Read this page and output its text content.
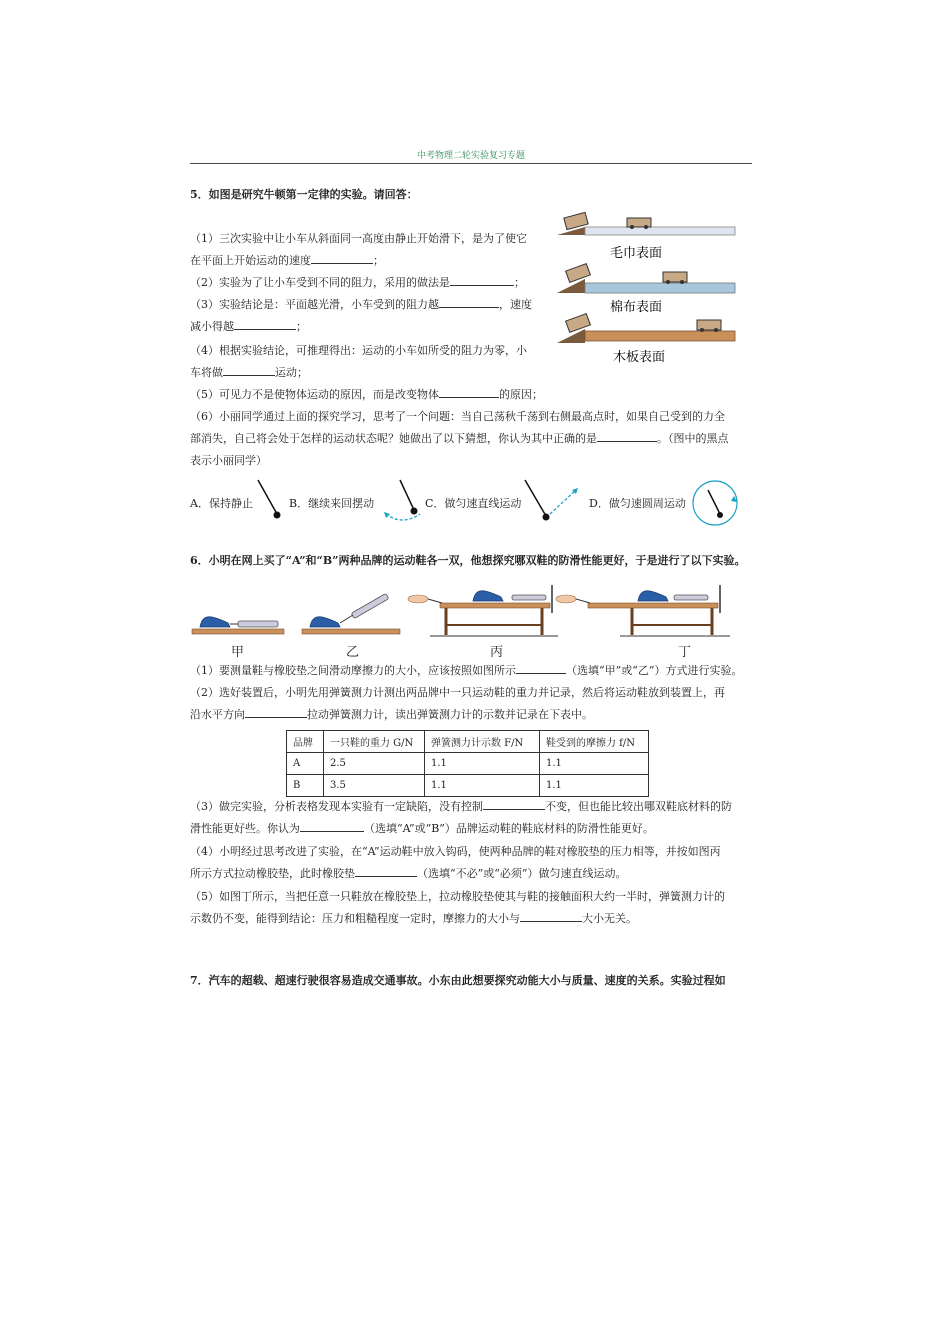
中考物理二轮实验复习专题
5．如图是研究牛顿第一定律的实验。请回答：
（1）三次实验中让小车从斜面同一高度由静止开始滑下，是为了使它
在平面上开始运动的速度	；
（2）实验为了让小车受到不同的阻力，采用的做法是	；
（3）实验结论是：平面越光滑，小车受到的阻力越	，速度
减小得越	；
（4）根据实验结论，可推理得出：运动的小车如所受的阻力为零，小
车将做	运动；
（5）可见力不是使物体运动的原因，而是改变物体	的原因；
（6）小丽同学通过上面的探究学习，思考了一个问题：当自己荡秋千荡到右侧最高点时，如果自己受到的力全
部消失，自己将会处于怎样的运动状态呢？她做出了以下猜想，你认为其中正确的是	。（图中的黑点
表示小丽同学）
毛巾表面
棉布表面
木板表面
A．保持静止	B．继续来回摆动	C．做匀速直线运动	D．做匀速圆周运动
6．小明在网上买了“A”和“B”两种品牌的运动鞋各一双，他想探究哪双鞋的防滑性能更好，于是进行了以下实验。
甲	乙	丙	丁
（1）要测量鞋与橡胶垫之间滑动摩擦力的大小，应该按照如图所示	（选填“甲”或“乙”）方式进行实验。
（2）选好装置后，小明先用弹簧测力计测出两品牌中一只运动鞋的重力并记录，然后将运动鞋放到装置上，再
沿水平方向	拉动弹簧测力计，读出弹簧测力计的示数并记录在下表中。
品牌	一只鞋的重力 G/N	弹簧测力计示数 F/N	鞋受到的摩擦力 f/N
A	2.5	1.1	1.1
B	3.5	1.1	1.1
（3）做完实验，分析表格发现本实验有一定缺陷，没有控制	不变，但也能比较出哪双鞋底材料的防
滑性能更好些。你认为	（选填“A”或“B”）品牌运动鞋的鞋底材料的防滑性能更好。
（4）小明经过思考改进了实验，在“A”运动鞋中放入钩码，使两种品牌的鞋对橡胶垫的压力相等，并按如图丙
所示方式拉动橡胶垫，此时橡胶垫	（选填“不必”或“必须”）做匀速直线运动。
（5）如图丁所示，当把任意一只鞋放在橡胶垫上，拉动橡胶垫使其与鞋的接触面积大约一半时，弹簧测力计的
示数仍不变，能得到结论：压力和粗糙程度一定时，摩擦力的大小与	大小无关。
7．汽车的超载、超速行驶很容易造成交通事故。小东由此想要探究动能大小与质量、速度的关系。实验过程如
